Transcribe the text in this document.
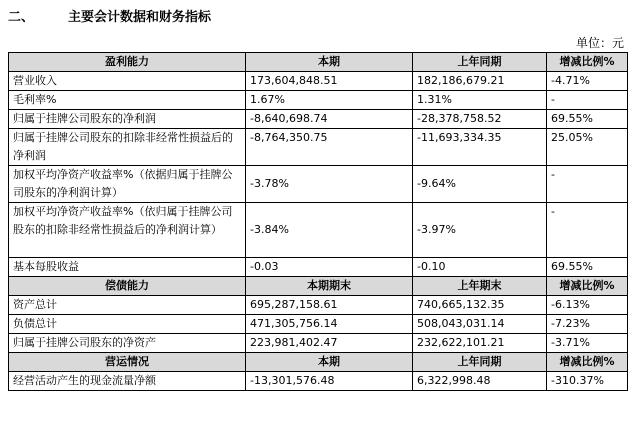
二、	主要会计数据和财务指标
单位：元
盈利能力	本期	上年同期	增减比例%
营业收入	173,604,848.51	182,186,679.21	-4.71%
毛利率%	1.67%	1.31%	-
归属于挂牌公司股东的净利润	-8,640,698.74	-28,378,758.52	69.55%
归属于挂牌公司股东的扣除非经常性损益后的净利润	-8,764,350.75	-11,693,334.35	25.05%
加权平均净资产收益率%（依据归属于挂牌公司股东的净利润计算）	-3.78%	-9.64%	-
加权平均净资产收益率%（依归属于挂牌公司股东的扣除非经常性损益后的净利润计算）	-3.84%	-3.97%	-
基本每股收益	-0.03	-0.10	69.55%
偿债能力	本期期末	上年期末	增减比例%
资产总计	695,287,158.61	740,665,132.35	-6.13%
负债总计	471,305,756.14	508,043,031.14	-7.23%
归属于挂牌公司股东的净资产	223,981,402.47	232,622,101.21	-3.71%
营运情况	本期	上年同期	增减比例%
经营活动产生的现金流量净额	-13,301,576.48	6,322,998.48	-310.37%
